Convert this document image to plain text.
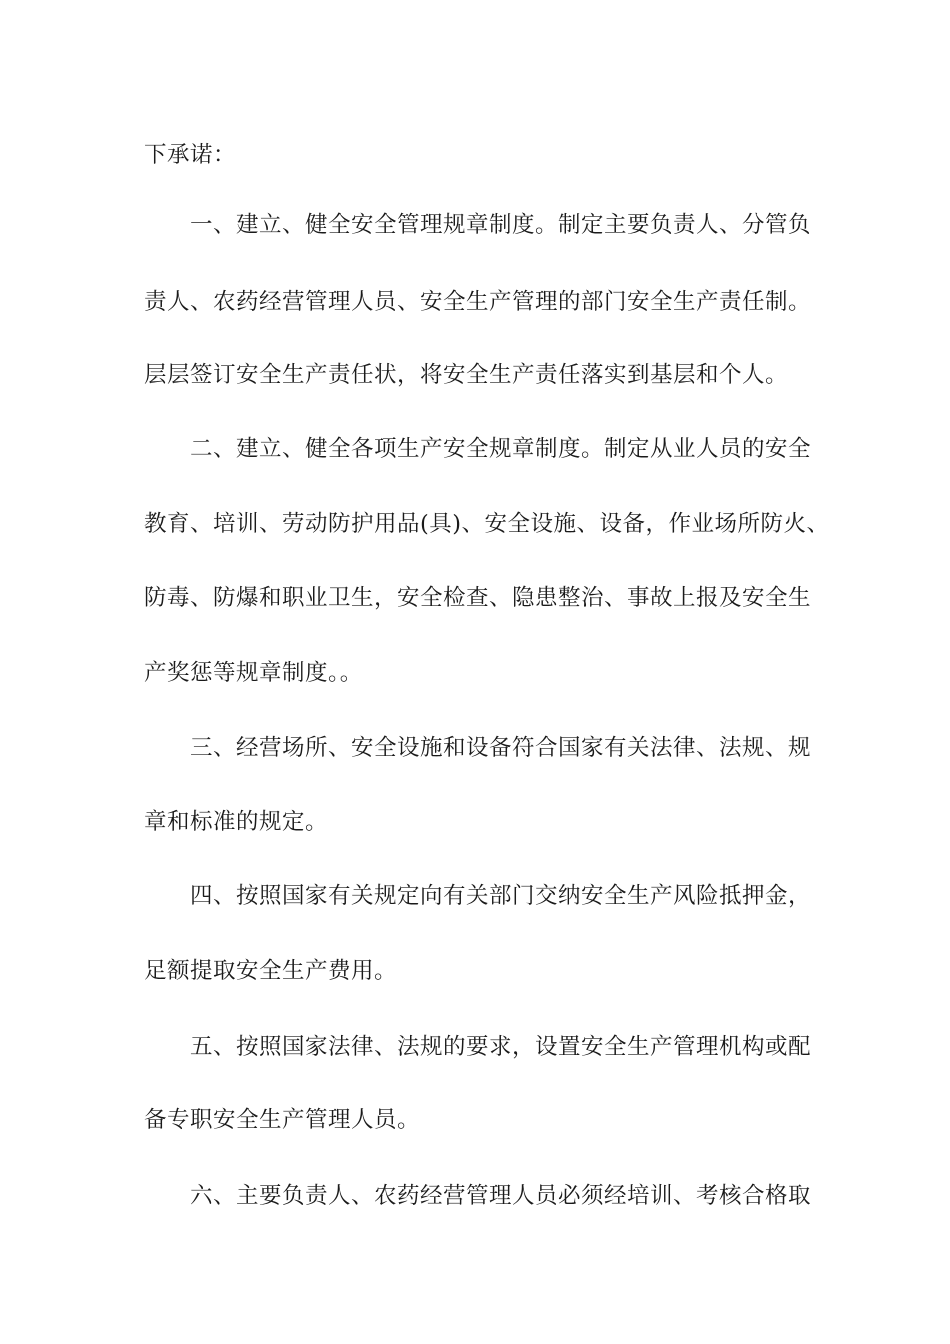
下承诺：
一、建立、健全安全管理规章制度。制定主要负责人、分管负
责人、农药经营管理人员、安全生产管理的部门安全生产责任制。
层层签订安全生产责任状，将安全生产责任落实到基层和个人。
二、建立、健全各项生产安全规章制度。制定从业人员的安全
教育、培训、劳动防护用品(具)、安全设施、设备，作业场所防火、
防毒、防爆和职业卫生，安全检查、隐患整治、事故上报及安全生
产奖惩等规章制度。。
三、经营场所、安全设施和设备符合国家有关法律、法规、规
章和标准的规定。
四、按照国家有关规定向有关部门交纳安全生产风险抵押金，
足额提取安全生产费用。
五、按照国家法律、法规的要求，设置安全生产管理机构或配
备专职安全生产管理人员。
六、主要负责人、农药经营管理人员必须经培训、考核合格取
